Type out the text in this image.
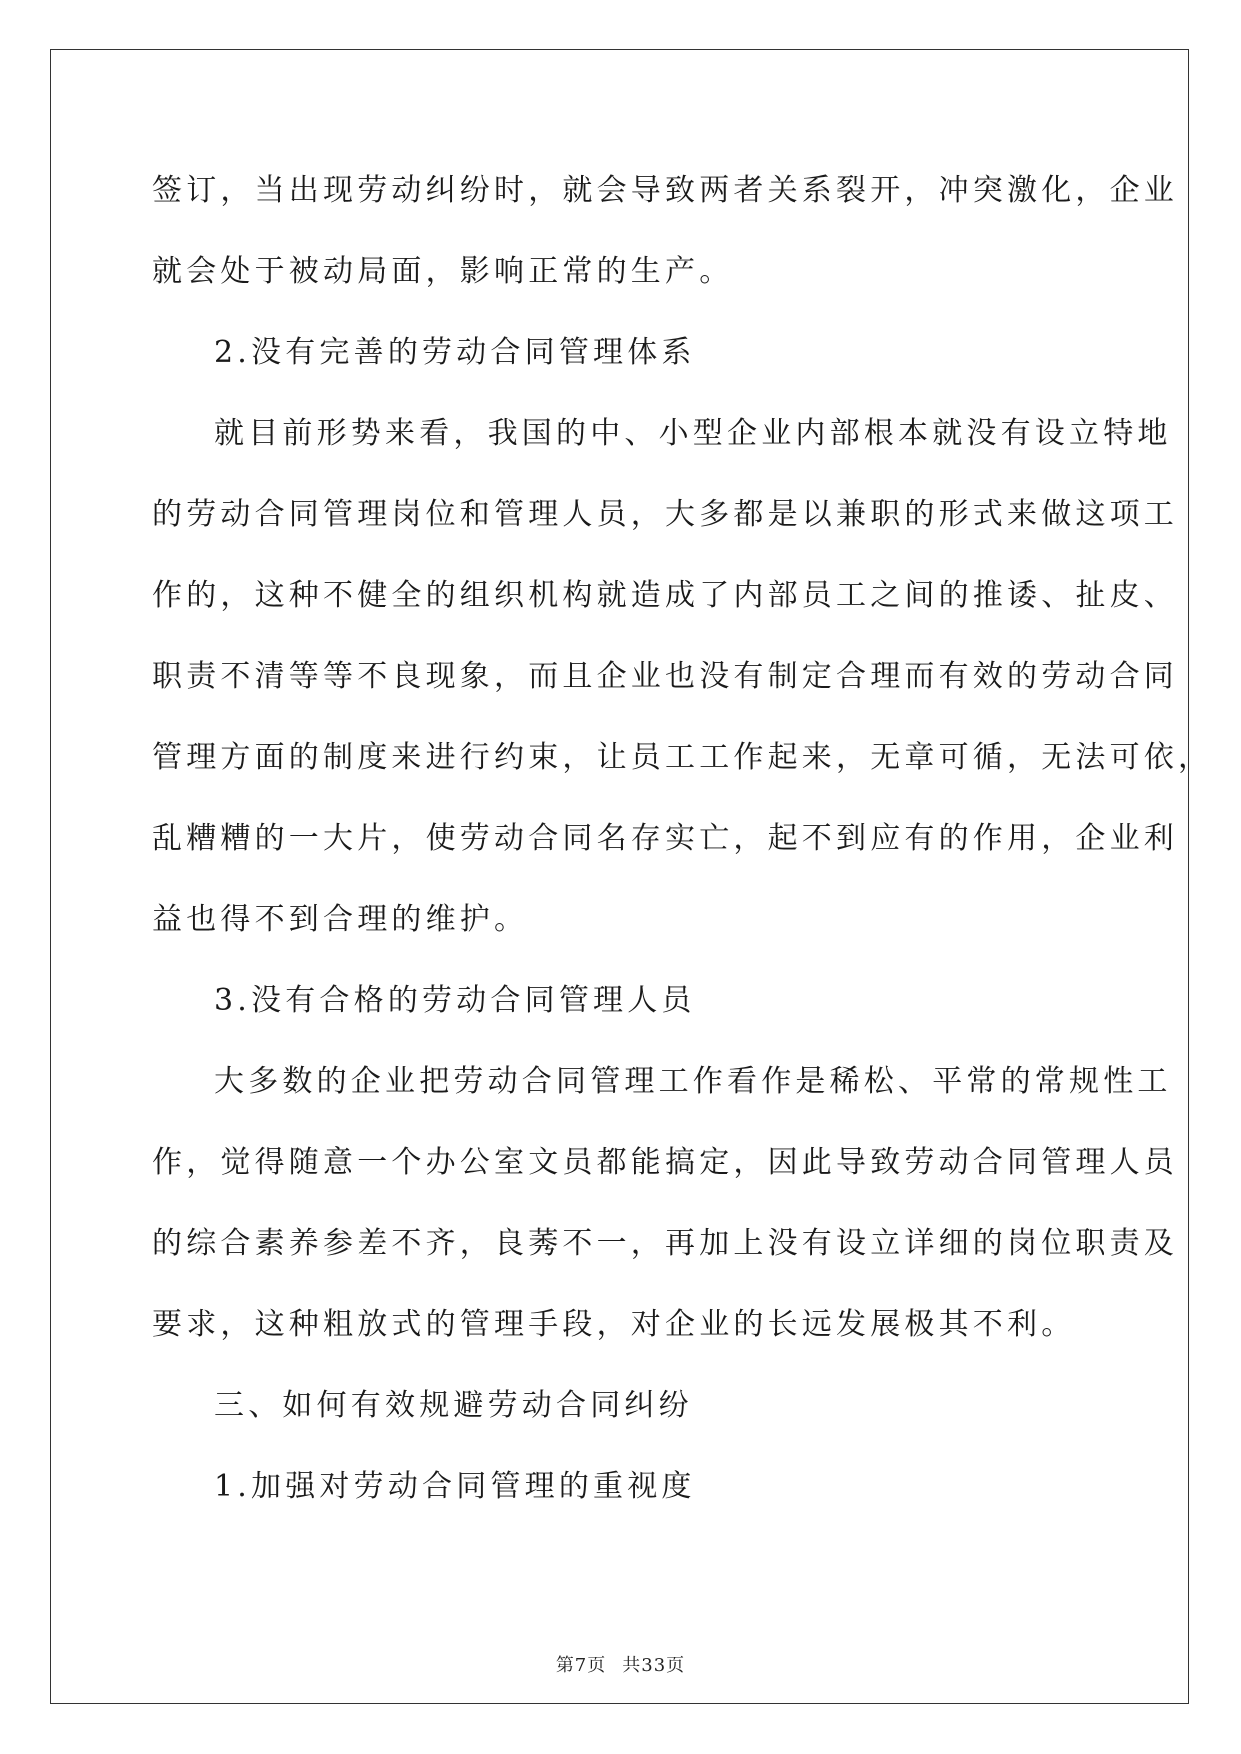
签订，当出现劳动纠纷时，就会导致两者关系裂开，冲突激化，企业
就会处于被动局面，影响正常的生产。

2.没有完善的劳动合同管理体系

就目前形势来看，我国的中、小型企业内部根本就没有设立特地

的劳动合同管理岗位和管理人员，大多都是以兼职的形式来做这项工
作的，这种不健全的组织机构就造成了内部员工之间的推诿、扯皮、
职责不清等等不良现象，而且企业也没有制定合理而有效的劳动合同
管理方面的制度来进行约束，让员工工作起来，无章可循，无法可依，
乱糟糟的一大片，使劳动合同名存实亡，起不到应有的作用，企业利
益也得不到合理的维护。

3.没有合格的劳动合同管理人员

大多数的企业把劳动合同管理工作看作是稀松、平常的常规性工

作，觉得随意一个办公室文员都能搞定，因此导致劳动合同管理人员
的综合素养参差不齐，良莠不一，再加上没有设立详细的岗位职责及
要求，这种粗放式的管理手段，对企业的长远发展极其不利。

三、如何有效规避劳动合同纠纷

1.加强对劳动合同管理的重视度

第7页 共33页
